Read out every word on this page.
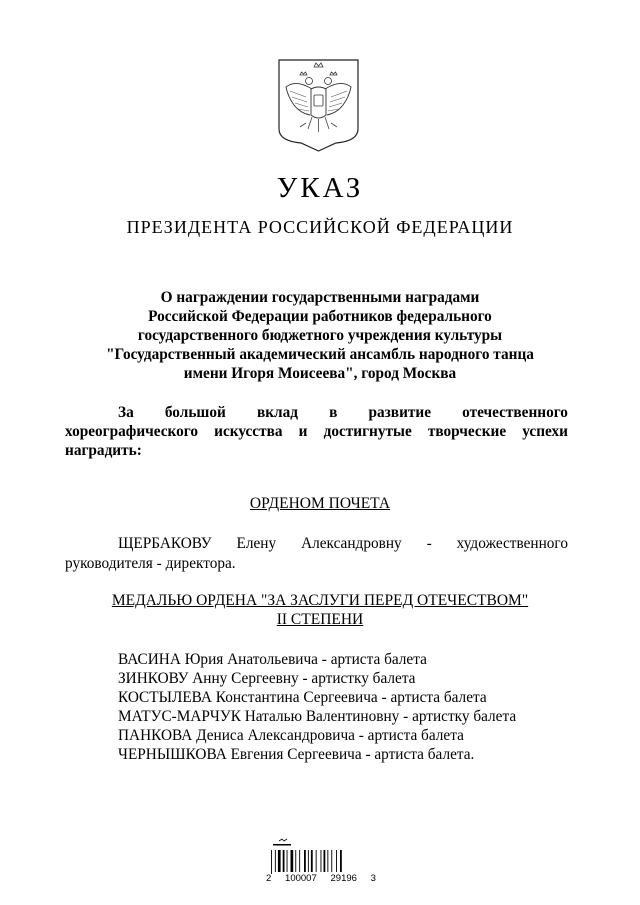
УКАЗ
ПРЕЗИДЕНТА РОССИЙСКОЙ ФЕДЕРАЦИИ
О награждении государственными наградами
Российской Федерации работников федерального
государственного бюджетного учреждения культуры
"Государственный академический ансамбль народного танца
имени Игоря Моисеева", город Москва
За большой вклад в развитие отечественного
хореографического искусства и достигнутые творческие успехи
наградить:
ОРДЕНОМ ПОЧЕТА
ЩЕРБАКОВУ Елену Александровну - художественного
руководителя - директора.
МЕДАЛЬЮ ОРДЕНА "ЗА ЗАСЛУГИ ПЕРЕД ОТЕЧЕСТВОМ"
II СТЕПЕНИ
ВАСИНА Юрия Анатольевича - артиста балета
ЗИНКОВУ Анну Сергеевну - артистку балета
КОСТЫЛЕВА Константина Сергеевича - артиста балета
МАТУС-МАРЧУК Наталью Валентиновну - артистку балета
ПАНКОВА Дениса Александровича - артиста балета
ЧЕРНЫШКОВА Евгения Сергеевича - артиста балета.
2 100007 29196 3
